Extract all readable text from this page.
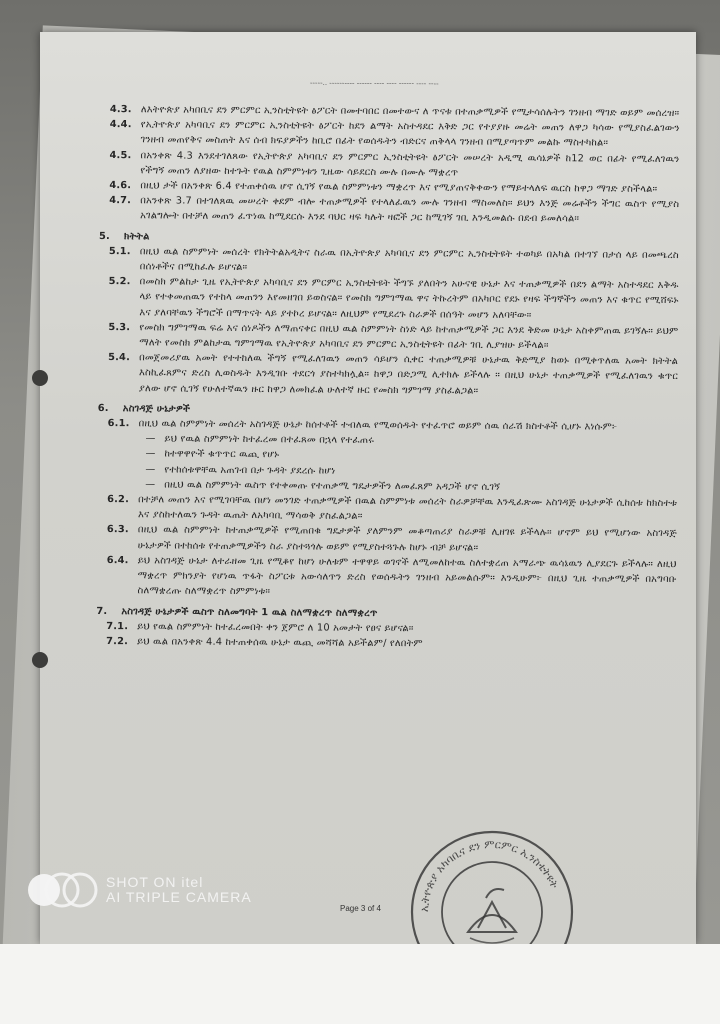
-----.. ---------- ------ ---- ---- ------ ---- ----
4.3. ለእትዮጵያ አካበቢና ደን ምርምር ኢንስቲትዩት ፅፖርት በመተባበር በመተውና ለ ጥናቱ በተጠቃሚዎች የሚታሳሰሉትን ገንዘብ ማገድ ወይም መሰረዝ።
4.4. የኢትዮጵያ አካባቢና ደን ምርምር ኢንስቲትዩት ፅፖርት ከደን ልማት አስተዳደር እቅድ ጋር የተያያዙ መሬት መጠን ለዋጋ ካሳው የሚያስፈልገውን ገንዘብ መጠየቅና መስጠት እና ሰብ ክፍያዎችን ከቢሮ በፊት የወሰዱትን ብድርና ጠቅላላ ገንዘብ በሚያጣጥም መልኩ ማስተካከል።
4.5. በአንቀጽ 4.3 እንደተገለጸው የኢትዮጵያ አካባቢና ደን ምርምር ኢንስቲትዩት ፅፖርት መሠረት አዲሚ ዉሳኔዎች ከ12 ወር በፊት የሚፈለገዉን የችግኝ መጠን ለያዘው ከተጉት የዉል ስምምነቱን ጊዜው ሳይደርስ ሙሉ በሙሉ ማቋረጥ
4.6. በዚህ ታች በአንቀጽ 6.4 የተጠቀሰዉ ሆኖ ሲገኝ የዉል ስምምነቱን ማቋረጥ እና የሚያጠናቅቀውን የማይተላለፍ ዉርስ ከዋጋ ማገድ ያስችላል።
4.7. በአንቀጽ 3.7 በተገለጸዉ መሠረት ቀደም ብሎ ተጠቃሚዎች የተላለፈዉን ሙሉ ገንዘብ ማስመለስ። ይህን እንጅ መሬቶችን ችግር ዉስጥ የሚያስ አገልግሎት በተቻለ መጠን ፈጥነዉ ከሚደርሱ እንደ ባህር ዛፍ ካሉት ዛፎች ጋር ከሚገኝ ገቢ እንዲመልሱ በደብ ይመለሳል።
5.	ክትትል
5.1. በዚህ ዉል ስምምነት መሰረት የክትትልአዲትና ስራዉ በኢትዮጵያ አካባቢና ደን ምርምር ኢንስቲትዩት ተወካይ በአካል በተገኘ በታሰ ላይ በመጫረስ በሰነቶችና በሚከፈሉ ይሆናል።
5.2. በመስክ ምልከታ ጊዜ የኢትዮጵያ አካባቢና ደን ምርምር ኢንስቲትዩት ችግኙ ያለበትን አሁናዊ ሁኔታ እና ተጠቃሚዎች በደን ልማት አስተዳደር እቅዱ ላይ የተቀመጠዉን የተከላ መጠንን እየመዘገበ ይወስናል። የመስክ ግምገማዉ ዋና ትኩረትም በአካቦር የደኑ የዛፍ ችግኞችን መጠን እና ቁጥር የሚሸፍኑ እና ያለባቸዉን ችግሮች በማጥናት ላይ ያተኮረ ይሆናል። ለዚህም የሚደረጉ ስራዎች በሰዓት መሆን አለባቸው።
5.3. የመስክ ግምገማዉ ፍሬ እና ሰነዶችን ለማጠናቀር በዚህ ዉል ስምምነት ስነድ ላይ ከተጠቃሚዎች ጋር እንደ ቅድመ ሁኔታ አስቀምጠዉ ይገኝሉ። ይህም ማለት የመስክ ምልከታዉ ግምገማዉ የኢትዮጵያ አካባቢና ደን ምርምር ኢንስቲትዩት በፊት ገቢ ሊያዝሁ ይችላል።
5.4. በመጀመሪያዉ አመት የተተከለዉ ችግኝ የሚፈለገዉን መጠን ሳይሆን ሲቀር ተጠቃሚዎቹ ሁኔታዉ ቅድሚያ ከወኑ በሚቀጥለዉ አመት ክትትል እስኪፈጸምና ድረስ ሊወስዱት እንዲገቡ ተደርጎ ያስተካክሏል። ከዋጋ በድጋሚ ሊተክሉ ይችላሉ ። በዚህ ሁኔታ ተጠቃሚዎች የሚፈለገዉን ቁጥር ያለው ሆኖ ሲገኝ የሁለተኛዉን ዙር ከዋጋ ለመክፈል ሁለተኛ ዙር የመስክ ግምገማ ያስፈልጋል።
6.	አስገዳጅ ሁኔታዎች
6.1. በዚህ ዉል ስምምነት መሰረት አስገዳጅ ሁኔታ ከሰተቶች ተብለዉ የሚወሰዱት የተፈጥሮ ወይም ሰዉ ሰራሽ ክስተቶች ሲሆኑ እነሱም፦
— ይህ የዉል ስምምነት ከተፈረመ በተፈጸመ በኋላ የተፈጠሩ
— ከተዋዋዮች ቁጥጥር ዉጪ የሆኑ
— የተከሰቱዋቸዉ አጠገብ በታ ጉዳት ያደረሱ ከሆነ
— በዚህ ዉል ስምምነት ዉስጥ የተቀመጡ የተጠቃሚ ግዴታዎችን ለመፈጸም አዳጋች ሆኖ ሲገኝ
6.2. በተቻለ መጠን እና የሚገባቸዉ በሆነ መንገድ ተጠቃሚዎች በዉል ስምምነቱ መሰረት ስራዎቻቸዉ እንዲፈጽሙ አስገዳጅ ሁኔታዎች ሲከሰቱ ከክስተቱ እና ያስከተለዉን ጉዳት ዉጤት ለአካባቢ ማሳወቅ ያስፈልጋል።
6.3. በዚህ ዉል ስምምነት ከተጠቃሚዎች የሚጠበቁ ግዴታዎች ያለምንም መቆጣጠሪያ ስራዎቹ ሊዘገዩ ይችላሉ። ሆኖም ይህ የሚሆነው አስገዳጅ ሁኔታዎች በተከሰቱ የተጠቃሚዎችን ስራ ያስተጓጎሉ ወይም የሚያስተጓጉሉ ከሆኑ ብቻ ይሆናል።
6.4. ይህ አስገዳጅ ሁኔታ ለተራዘመ ጊዜ የሚቆየ ከሆነ ሁለቱም ተዋዋይ ወገኖች ለሚመለከተዉ ስለተቋረጠ አማራጭ ዉሳኔዉን ሊያደርጉ ይችላሉ። ለዚህ ማቋረጥ ምክንያት የሆነዉ ጥፋት ስፖርቱ አውሳለጥን ድረስ የወሰዱትን ገንዘብ አይመልሱም። እንዲሁም፦ በዚህ ጊዜ ተጠቃሚዎች በአግባቡ ስለማቋረጡ ስለማቋረጥ ስምምነቱ።
7.	አስገዳጅ ሁኔታዎች ዉስጥ ስለመግባት 1 ዉል ስለማቋረጥ ስለማቋረጥ
7.1. ይህ የዉል ስምምነት ከተፈረመበት ቀን ጀምሮ ለ 10 አመታት የፀና ይሆናል።
7.2. ይህ ዉል በአንቀጽ 4.4 ከተጠቀሰዉ ሁኔታ ዉጪ መሻሻል አይችልም/ የለበትም
Page 3 of 4	ኢትዮጵያ አካባቢና ደን ምርምር ኢንስቲትዩት
SHOT ON itel
AI TRIPLE CAMERA
